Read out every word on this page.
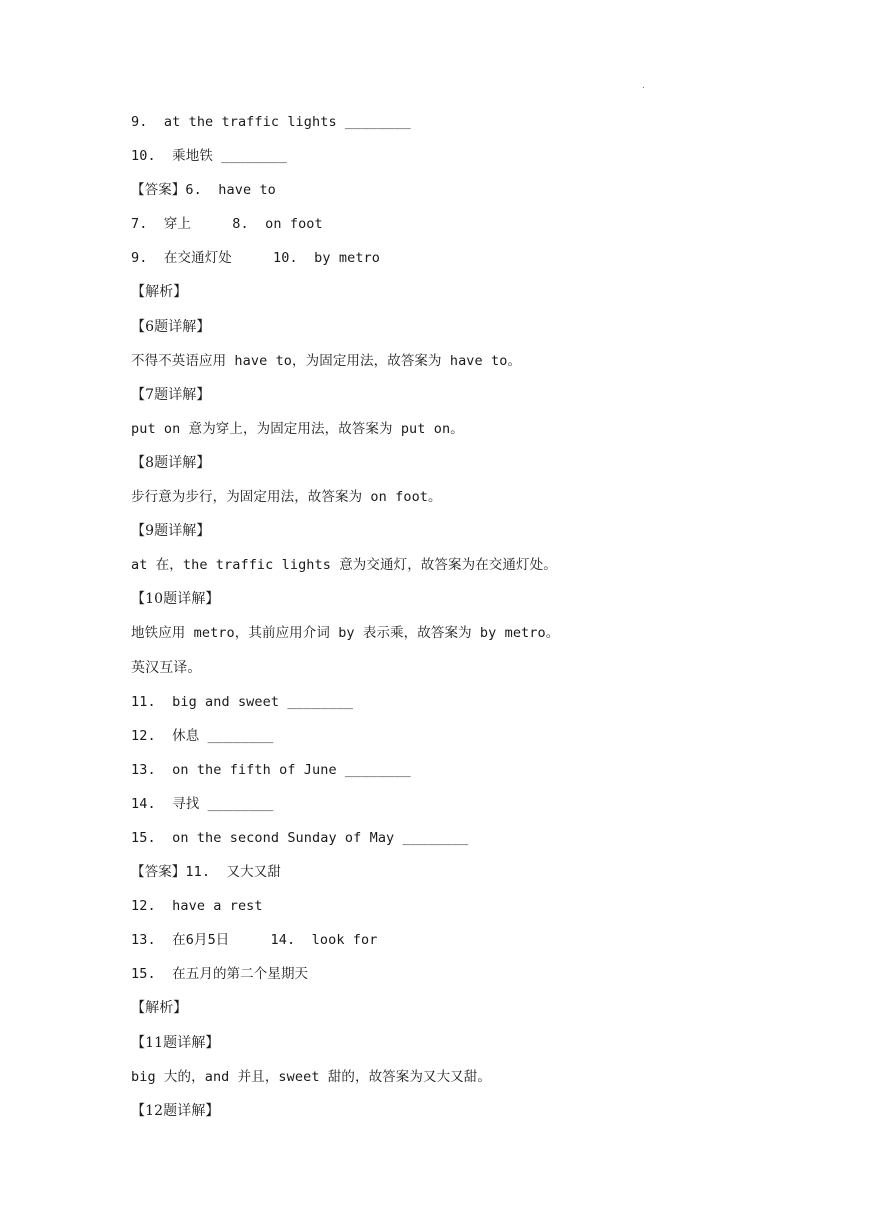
.
9.  at the traffic lights ________
10.  乘地铁 ________
【答案】6.  have to
7.  穿上     8.  on foot
9.  在交通灯处     10.  by metro
【解析】
【6题详解】
不得不英语应用 have to，为固定用法，故答案为 have to。
【7题详解】
put on 意为穿上，为固定用法，故答案为 put on。
【8题详解】
步行意为步行，为固定用法，故答案为 on foot。
【9题详解】
at 在，the traffic lights 意为交通灯，故答案为在交通灯处。
【10题详解】
地铁应用 metro，其前应用介词 by 表示乘，故答案为 by metro。
英汉互译。
11.  big and sweet ________
12.  休息 ________
13.  on the fifth of June ________
14.  寻找 ________
15.  on the second Sunday of May ________
【答案】11.  又大又甜
12.  have a rest
13.  在6月5日     14.  look for
15.  在五月的第二个星期天
【解析】
【11题详解】
big 大的，and 并且，sweet 甜的，故答案为又大又甜。
【12题详解】
